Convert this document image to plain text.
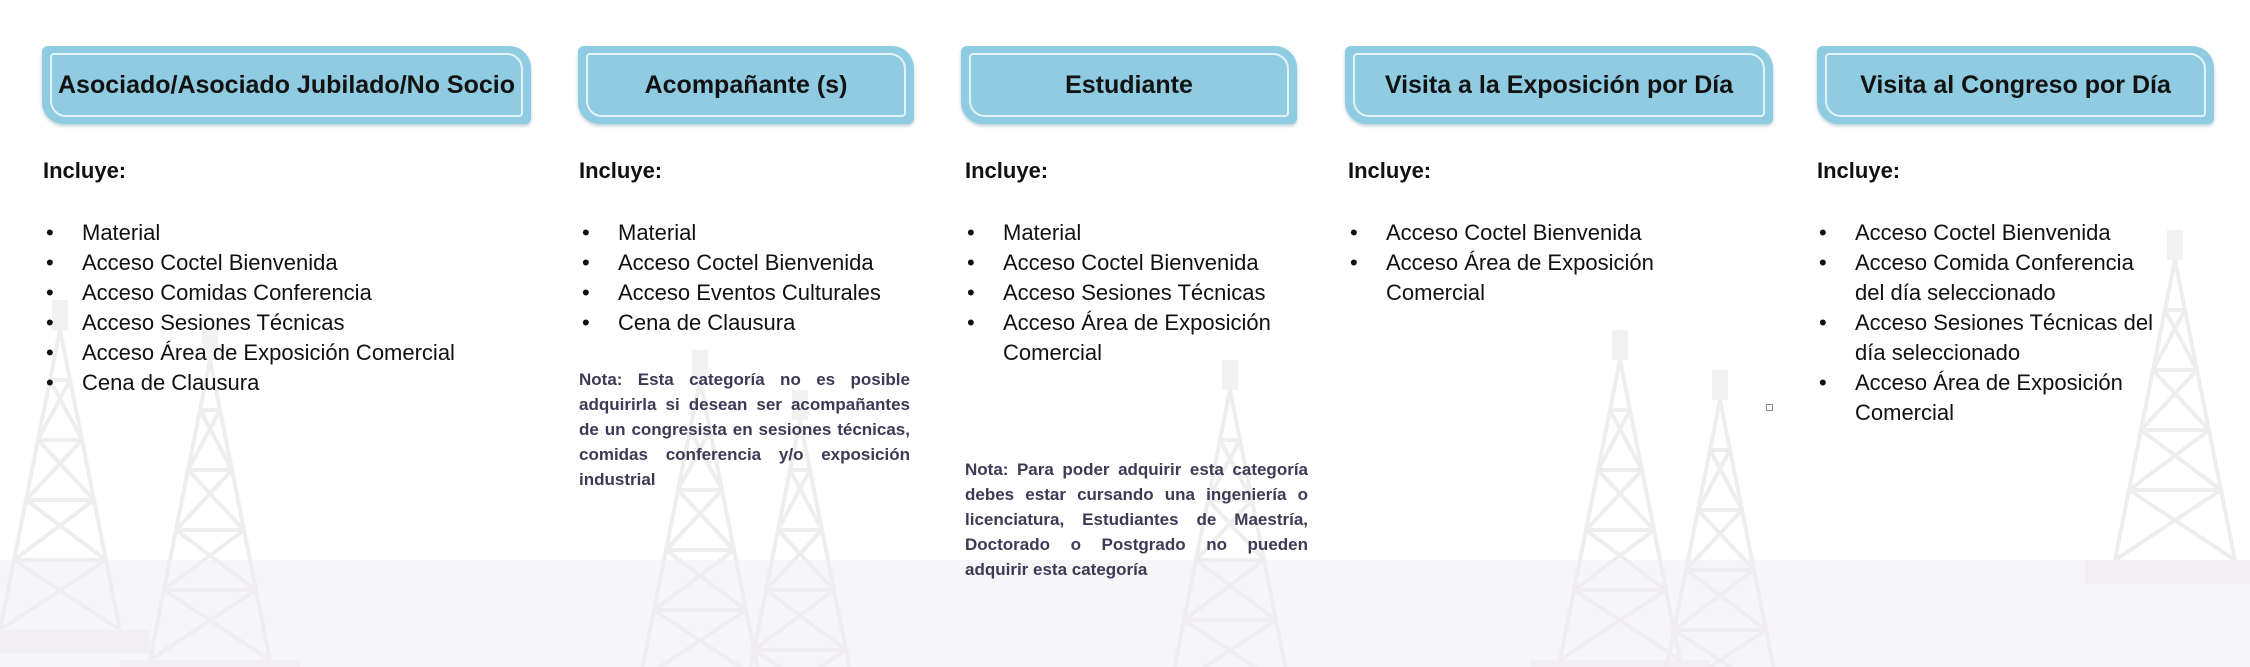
Asociado/Asociado Jubilado/No Socio
Incluye:
• Material
• Acceso Coctel Bienvenida
• Acceso Comidas Conferencia
• Acceso Sesiones Técnicas
• Acceso Área de Exposición Comercial
• Cena de Clausura
Acompañante (s)
Incluye:
• Material
• Acceso Coctel Bienvenida
• Acceso Eventos Culturales
• Cena de Clausura
Nota: Esta categoría no es posible adquirirla si desean ser acompañantes de un congresista en sesiones técnicas, comidas conferencia y/o exposición industrial
Estudiante
Incluye:
• Material
• Acceso Coctel Bienvenida
• Acceso Sesiones Técnicas
• Acceso Área de Exposición Comercial
Nota: Para poder adquirir esta categoría debes estar cursando una ingeniería o licenciatura, Estudiantes de Maestría, Doctorado o Postgrado no pueden adquirir esta categoría
Visita a la Exposición por Día
Incluye:
• Acceso Coctel Bienvenida
• Acceso Área de Exposición Comercial
Visita al Congreso por Día
Incluye:
• Acceso Coctel Bienvenida
• Acceso Comida Conferencia del día seleccionado
• Acceso Sesiones Técnicas del día seleccionado
• Acceso Área de Exposición Comercial
